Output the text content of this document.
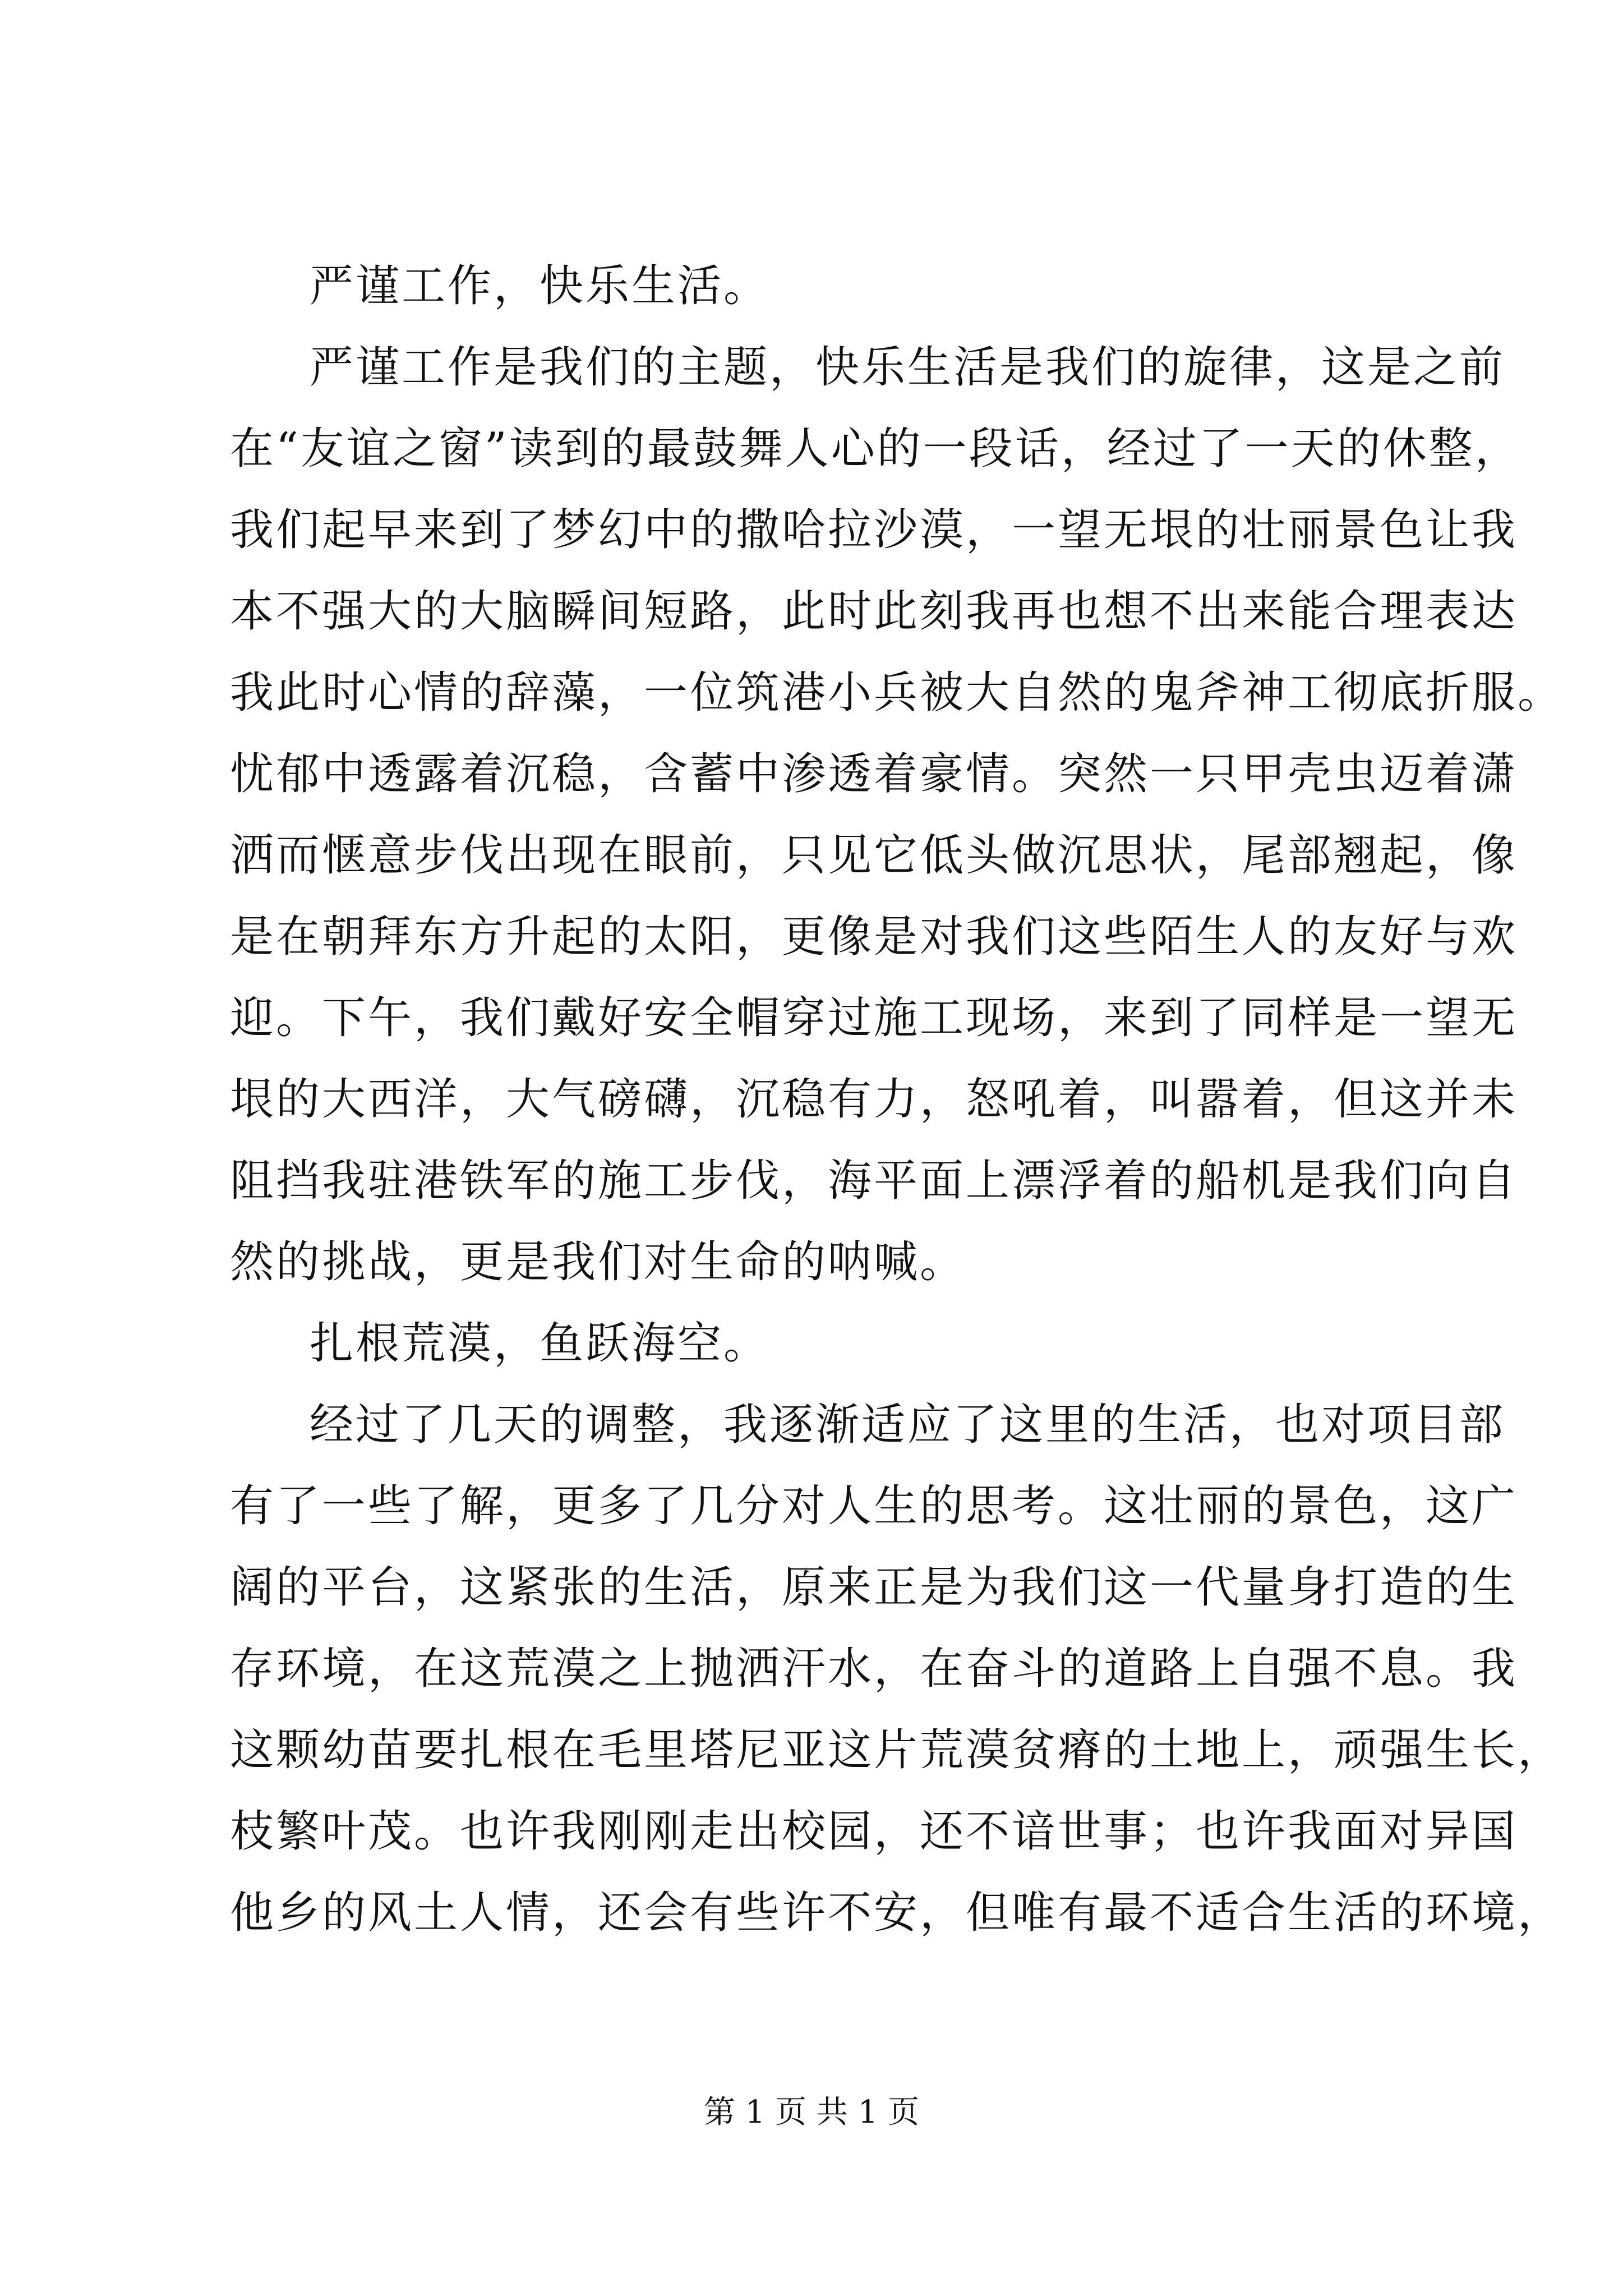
严谨工作，快乐生活。
严谨工作是我们的主题，快乐生活是我们的旋律，这是之前
在“友谊之窗”读到的最鼓舞人心的一段话，经过了一天的休整，
我们起早来到了梦幻中的撒哈拉沙漠，一望无垠的壮丽景色让我
本不强大的大脑瞬间短路，此时此刻我再也想不出来能合理表达
我此时心情的辞藻，一位筑港小兵被大自然的鬼斧神工彻底折服。
忧郁中透露着沉稳，含蓄中渗透着豪情。突然一只甲壳虫迈着潇
洒而惬意步伐出现在眼前，只见它低头做沉思状，尾部翘起，像
是在朝拜东方升起的太阳，更像是对我们这些陌生人的友好与欢
迎。下午，我们戴好安全帽穿过施工现场，来到了同样是一望无
垠的大西洋，大气磅礴，沉稳有力，怒吼着，叫嚣着，但这并未
阻挡我驻港铁军的施工步伐，海平面上漂浮着的船机是我们向自
然的挑战，更是我们对生命的呐喊。
扎根荒漠，鱼跃海空。
经过了几天的调整，我逐渐适应了这里的生活，也对项目部
有了一些了解，更多了几分对人生的思考。这壮丽的景色，这广
阔的平台，这紧张的生活，原来正是为我们这一代量身打造的生
存环境，在这荒漠之上抛洒汗水，在奋斗的道路上自强不息。我
这颗幼苗要扎根在毛里塔尼亚这片荒漠贫瘠的土地上，顽强生长，
枝繁叶茂。也许我刚刚走出校园，还不谙世事；也许我面对异国
他乡的风土人情，还会有些许不安，但唯有最不适合生活的环境，
第 1 页 共 1 页
